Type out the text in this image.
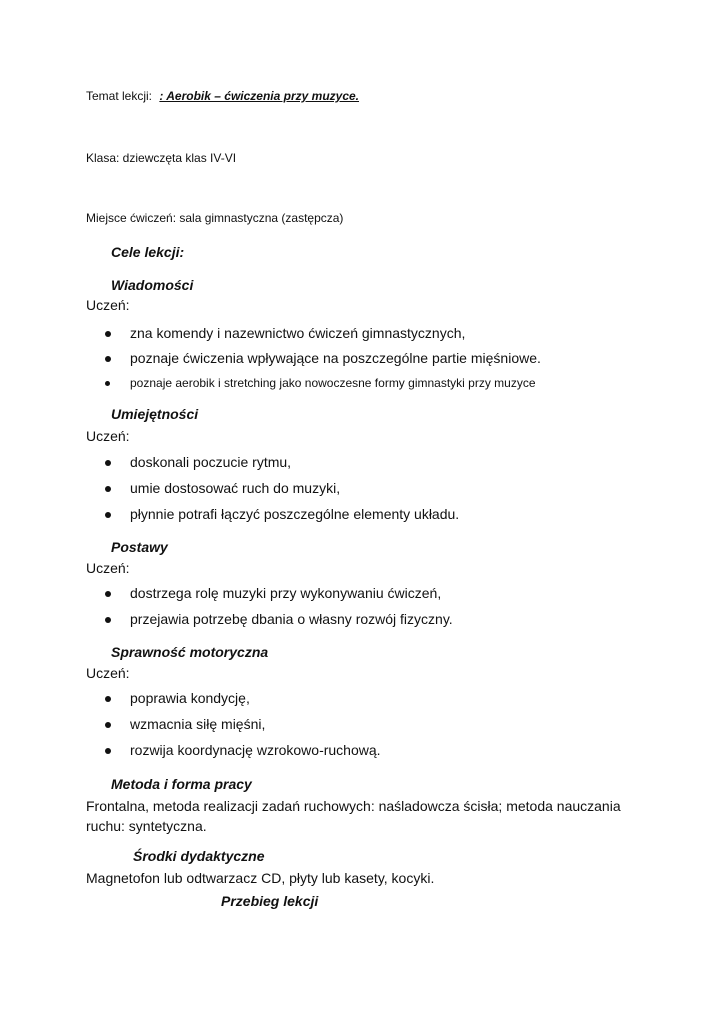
Temat lekcji: : Aerobik – ćwiczenia przy muzyce.
Klasa: dziewczęta klas IV-VI
Miejsce ćwiczeń: sala gimnastyczna (zastępcza)
Cele lekcji:
Wiadomości
Uczeń:
zna komendy i nazewnictwo ćwiczeń gimnastycznych,
poznaje ćwiczenia wpływające na poszczególne partie mięśniowe.
poznaje aerobik i stretching jako nowoczesne formy gimnastyki przy muzyce
Umiejętności
Uczeń:
doskonali poczucie rytmu,
umie dostosować ruch do muzyki,
płynnie potrafi łączyć poszczególne elementy układu.
Postawy
Uczeń:
dostrzega rolę muzyki przy wykonywaniu ćwiczeń,
przejawia potrzebę dbania o własny rozwój fizyczny.
Sprawność motoryczna
Uczeń:
poprawia kondycję,
wzmacnia siłę mięśni,
rozwija koordynację wzrokowo-ruchową.
Metoda i forma pracy
Frontalna, metoda realizacji zadań ruchowych: naśladowcza ścisła; metoda nauczania ruchu: syntetyczna.
Środki dydaktyczne
Magnetofon lub odtwarzacz CD, płyty lub kasety, kocyki.
Przebieg lekcji
